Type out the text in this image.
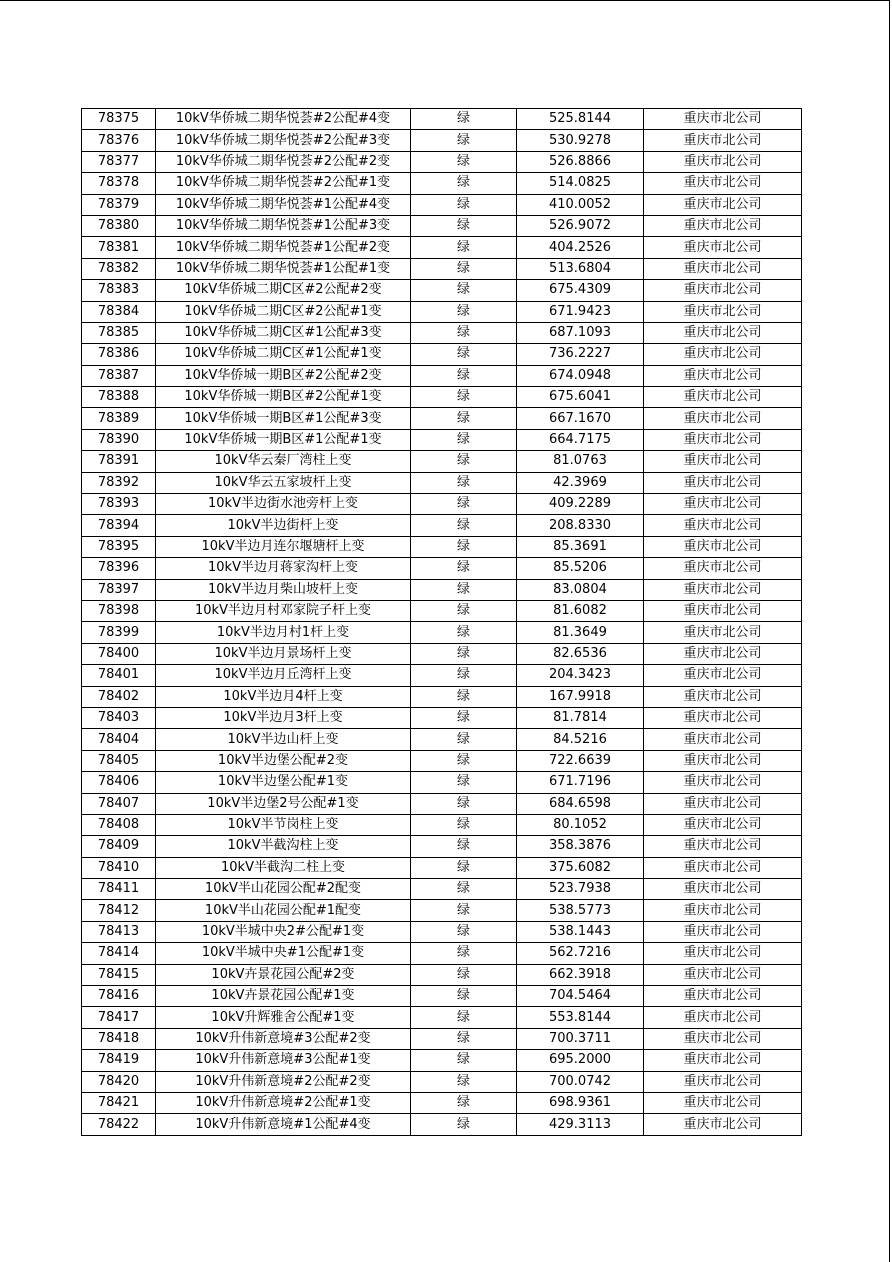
78375	10kV华侨城二期华悦荟#2公配#4变	绿	525.8144	重庆市北公司
78376	10kV华侨城二期华悦荟#2公配#3变	绿	530.9278	重庆市北公司
78377	10kV华侨城二期华悦荟#2公配#2变	绿	526.8866	重庆市北公司
78378	10kV华侨城二期华悦荟#2公配#1变	绿	514.0825	重庆市北公司
78379	10kV华侨城二期华悦荟#1公配#4变	绿	410.0052	重庆市北公司
78380	10kV华侨城二期华悦荟#1公配#3变	绿	526.9072	重庆市北公司
78381	10kV华侨城二期华悦荟#1公配#2变	绿	404.2526	重庆市北公司
78382	10kV华侨城二期华悦荟#1公配#1变	绿	513.6804	重庆市北公司
78383	10kV华侨城二期C区#2公配#2变	绿	675.4309	重庆市北公司
78384	10kV华侨城二期C区#2公配#1变	绿	671.9423	重庆市北公司
78385	10kV华侨城二期C区#1公配#3变	绿	687.1093	重庆市北公司
78386	10kV华侨城二期C区#1公配#1变	绿	736.2227	重庆市北公司
78387	10kV华侨城一期B区#2公配#2变	绿	674.0948	重庆市北公司
78388	10kV华侨城一期B区#2公配#1变	绿	675.6041	重庆市北公司
78389	10kV华侨城一期B区#1公配#3变	绿	667.1670	重庆市北公司
78390	10kV华侨城一期B区#1公配#1变	绿	664.7175	重庆市北公司
78391	10kV华云秦厂湾柱上变	绿	81.0763	重庆市北公司
78392	10kV华云五家坡杆上变	绿	42.3969	重庆市北公司
78393	10kV半边街水池旁杆上变	绿	409.2289	重庆市北公司
78394	10kV半边街杆上变	绿	208.8330	重庆市北公司
78395	10kV半边月连尔堰塘杆上变	绿	85.3691	重庆市北公司
78396	10kV半边月蒋家沟杆上变	绿	85.5206	重庆市北公司
78397	10kV半边月柴山坡杆上变	绿	83.0804	重庆市北公司
78398	10kV半边月村邓家院子杆上变	绿	81.6082	重庆市北公司
78399	10kV半边月村1杆上变	绿	81.3649	重庆市北公司
78400	10kV半边月景场杆上变	绿	82.6536	重庆市北公司
78401	10kV半边月丘湾杆上变	绿	204.3423	重庆市北公司
78402	10kV半边月4杆上变	绿	167.9918	重庆市北公司
78403	10kV半边月3杆上变	绿	81.7814	重庆市北公司
78404	10kV半边山杆上变	绿	84.5216	重庆市北公司
78405	10kV半边堡公配#2变	绿	722.6639	重庆市北公司
78406	10kV半边堡公配#1变	绿	671.7196	重庆市北公司
78407	10kV半边堡2号公配#1变	绿	684.6598	重庆市北公司
78408	10kV半节岗柱上变	绿	80.1052	重庆市北公司
78409	10kV半截沟柱上变	绿	358.3876	重庆市北公司
78410	10kV半截沟二柱上变	绿	375.6082	重庆市北公司
78411	10kV半山花园公配#2配变	绿	523.7938	重庆市北公司
78412	10kV半山花园公配#1配变	绿	538.5773	重庆市北公司
78413	10kV半城中央2#公配#1变	绿	538.1443	重庆市北公司
78414	10kV半城中央#1公配#1变	绿	562.7216	重庆市北公司
78415	10kV卉景花园公配#2变	绿	662.3918	重庆市北公司
78416	10kV卉景花园公配#1变	绿	704.5464	重庆市北公司
78417	10kV升辉雅舍公配#1变	绿	553.8144	重庆市北公司
78418	10kV升伟新意境#3公配#2变	绿	700.3711	重庆市北公司
78419	10kV升伟新意境#3公配#1变	绿	695.2000	重庆市北公司
78420	10kV升伟新意境#2公配#2变	绿	700.0742	重庆市北公司
78421	10kV升伟新意境#2公配#1变	绿	698.9361	重庆市北公司
78422	10kV升伟新意境#1公配#4变	绿	429.3113	重庆市北公司
